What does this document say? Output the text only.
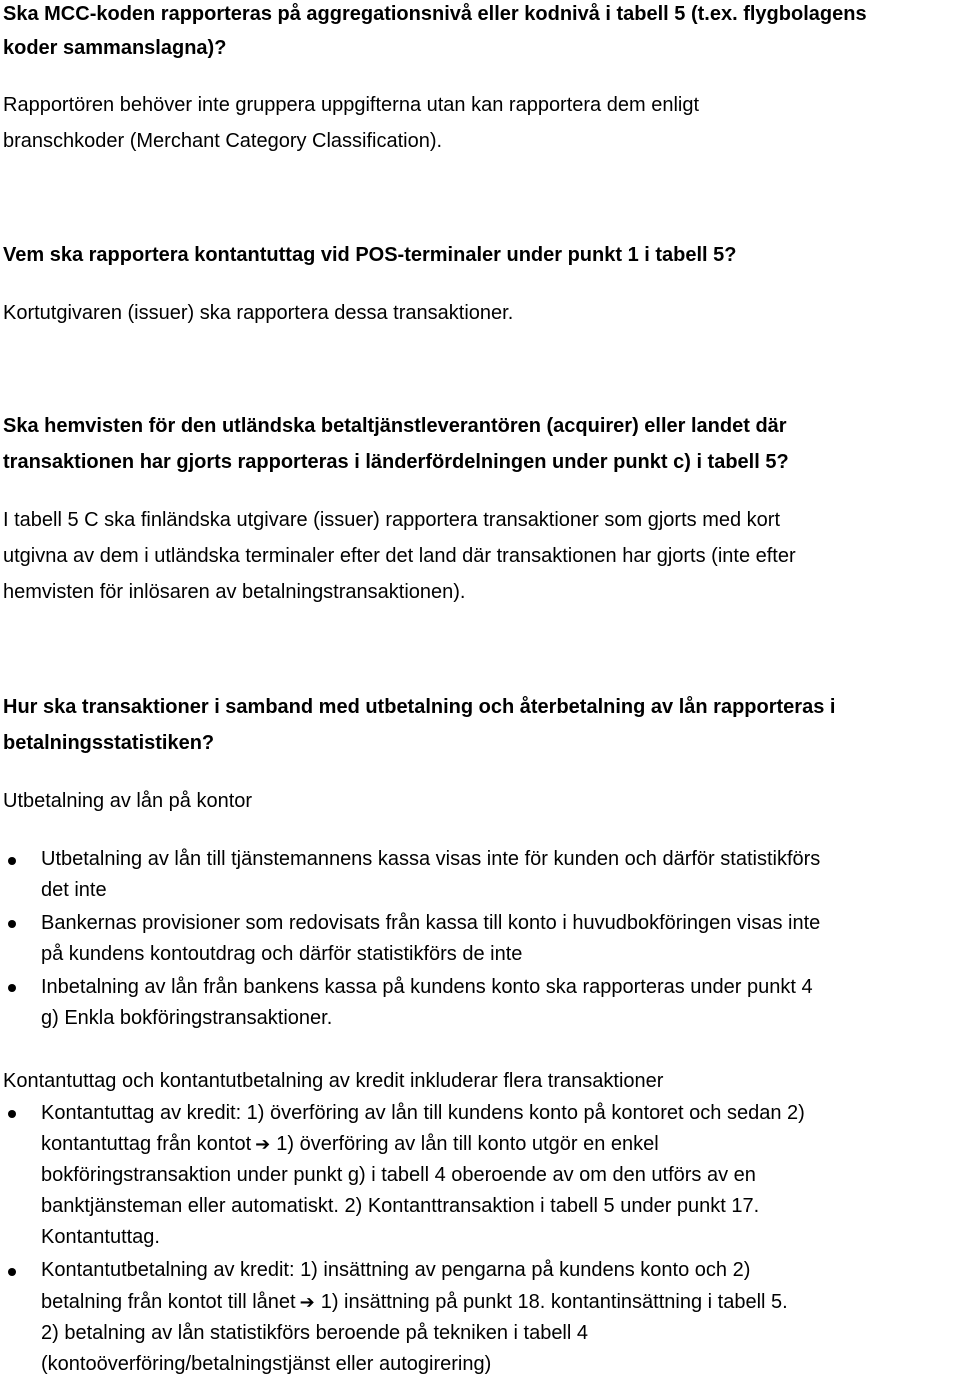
Ska MCC-koden rapporteras på aggregationsnivå eller kodnivå i tabell 5 (t.ex. flygbolagens
koder sammanslagna)?
Rapportören behöver inte gruppera uppgifterna utan kan rapportera dem enligt
branschkoder (Merchant Category Classification).
Vem ska rapportera kontantuttag vid POS-terminaler under punkt 1 i tabell 5?
Kortutgivaren (issuer) ska rapportera dessa transaktioner.
Ska hemvisten för den utländska betaltjänstleverantören (acquirer) eller landet där
transaktionen har gjorts rapporteras i länderfördelningen under punkt c) i tabell 5?
I tabell 5 C ska finländska utgivare (issuer) rapportera transaktioner som gjorts med kort
utgivna av dem i utländska terminaler efter det land där transaktionen har gjorts (inte efter
hemvisten för inlösaren av betalningstransaktionen).
Hur ska transaktioner i samband med utbetalning och återbetalning av lån rapporteras i
betalningsstatistiken?
Utbetalning av lån på kontor
Utbetalning av lån till tjänstemannens kassa visas inte för kunden och därför statistikförs
det inte
Bankernas provisioner som redovisats från kassa till konto i huvudbokföringen visas inte
på kundens kontoutdrag och därför statistikförs de inte
Inbetalning av lån från bankens kassa på kundens konto ska rapporteras under punkt 4
g) Enkla bokföringstransaktioner.
Kontantuttag och kontantutbetalning av kredit inkluderar flera transaktioner
Kontantuttag av kredit: 1) överföring av lån till kundens konto på kontoret och sedan 2)
kontantuttag från kontot ➔ 1) överföring av lån till konto utgör en enkel
bokföringstransaktion under punkt g) i tabell 4 oberoende av om den utförs av en
banktjänsteman eller automatiskt. 2) Kontanttransaktion i tabell 5 under punkt 17.
Kontantuttag.
Kontantutbetalning av kredit: 1) insättning av pengarna på kundens konto och 2)
betalning från kontot till lånet ➔ 1) insättning på punkt 18. kontantinsättning i tabell 5.
2) betalning av lån statistikförs beroende på tekniken i tabell 4
(kontoöverföring/betalningstjänst eller autogirering)
